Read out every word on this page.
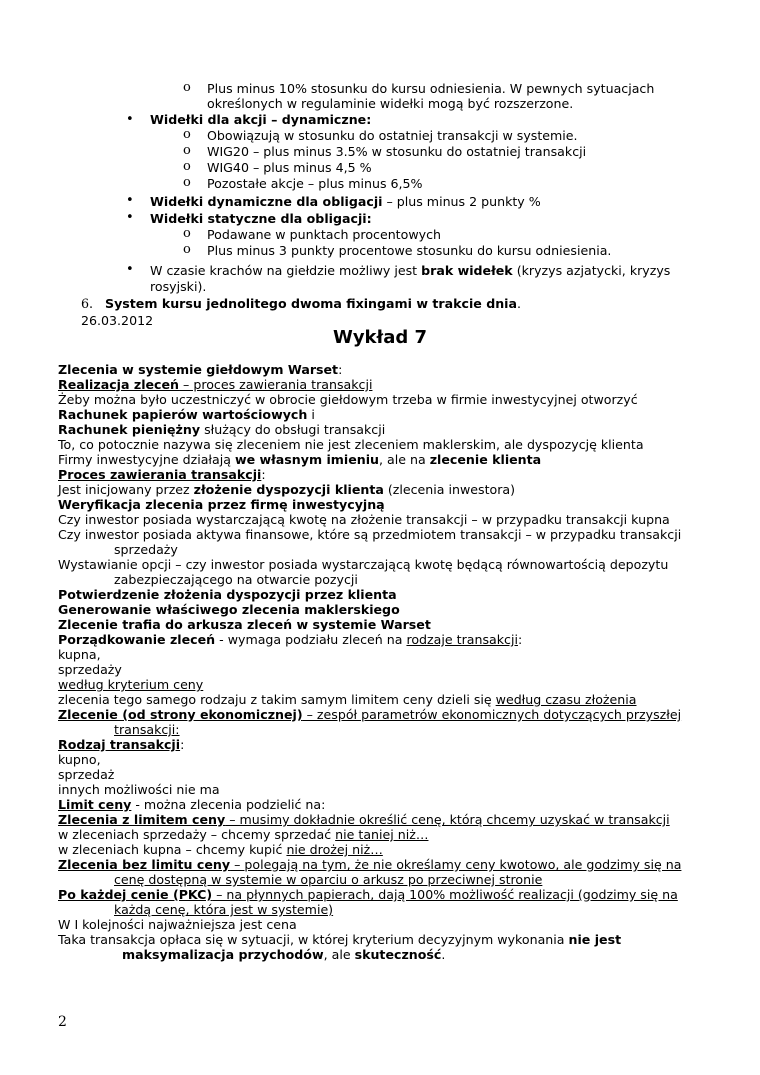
o Plus minus 10% stosunku do kursu odniesienia. W pewnych sytuacjach
określonych w regulaminie widełki mogą być rozszerzone.
• Widełki dla akcji – dynamiczne:
o Obowiązują w stosunku do ostatniej transakcji w systemie.
o WIG20 – plus minus 3.5% w stosunku do ostatniej transakcji
o WIG40 – plus minus 4,5 %
o Pozostałe akcje – plus minus 6,5%
• Widełki dynamiczne dla obligacji – plus minus 2 punkty %
• Widełki statyczne dla obligacji:
o Podawane w punktach procentowych
o Plus minus 3 punkty procentowe stosunku do kursu odniesienia.
• W czasie krachów na giełdzie możliwy jest brak widełek (kryzys azjatycki, kryzys
rosyjski).
6. System kursu jednolitego dwoma fixingami w trakcie dnia.
26.03.2012
Wykład 7
Zlecenia w systemie giełdowym Warset:
Realizacja zleceń – proces zawierania transakcji
Żeby można było uczestniczyć w obrocie giełdowym trzeba w firmie inwestycyjnej otworzyć
Rachunek papierów wartościowych i
Rachunek pieniężny służący do obsługi transakcji
To, co potocznie nazywa się zleceniem nie jest zleceniem maklerskim, ale dyspozycję klienta
Firmy inwestycyjne działają we własnym imieniu, ale na zlecenie klienta
Proces zawierania transakcji:
Jest inicjowany przez złożenie dyspozycji klienta (zlecenia inwestora)
Weryfikacja zlecenia przez firmę inwestycyjną
Czy inwestor posiada wystarczającą kwotę na złożenie transakcji – w przypadku transakcji kupna
Czy inwestor posiada aktywa finansowe, które są przedmiotem transakcji – w przypadku transakcji
sprzedaży
Wystawianie opcji – czy inwestor posiada wystarczającą kwotę będącą równowartością depozytu
zabezpieczającego na otwarcie pozycji
Potwierdzenie złożenia dyspozycji przez klienta
Generowanie właściwego zlecenia maklerskiego
Zlecenie trafia do arkusza zleceń w systemie Warset
Porządkowanie zleceń - wymaga podziału zleceń na rodzaje transakcji:
kupna,
sprzedaży
według kryterium ceny
zlecenia tego samego rodzaju z takim samym limitem ceny dzieli się według czasu złożenia
Zlecenie (od strony ekonomicznej) – zespół parametrów ekonomicznych dotyczących przyszłej
transakcji:
Rodzaj transakcji:
kupno,
sprzedaż
innych możliwości nie ma
Limit ceny - można zlecenia podzielić na:
Zlecenia z limitem ceny – musimy dokładnie określić cenę, którą chcemy uzyskać w transakcji
w zleceniach sprzedaży – chcemy sprzedać nie taniej niż…
w zleceniach kupna – chcemy kupić nie drożej niż…
Zlecenia bez limitu ceny – polegają na tym, że nie określamy ceny kwotowo, ale godzimy się na
cenę dostępną w systemie w oparciu o arkusz po przeciwnej stronie
Po każdej cenie (PKC) – na płynnych papierach, dają 100% możliwość realizacji (godzimy się na
każdą cenę, która jest w systemie)
W I kolejności najważniejsza jest cena
Taka transakcja opłaca się w sytuacji, w której kryterium decyzyjnym wykonania nie jest
maksymalizacja przychodów, ale skuteczność.
2
